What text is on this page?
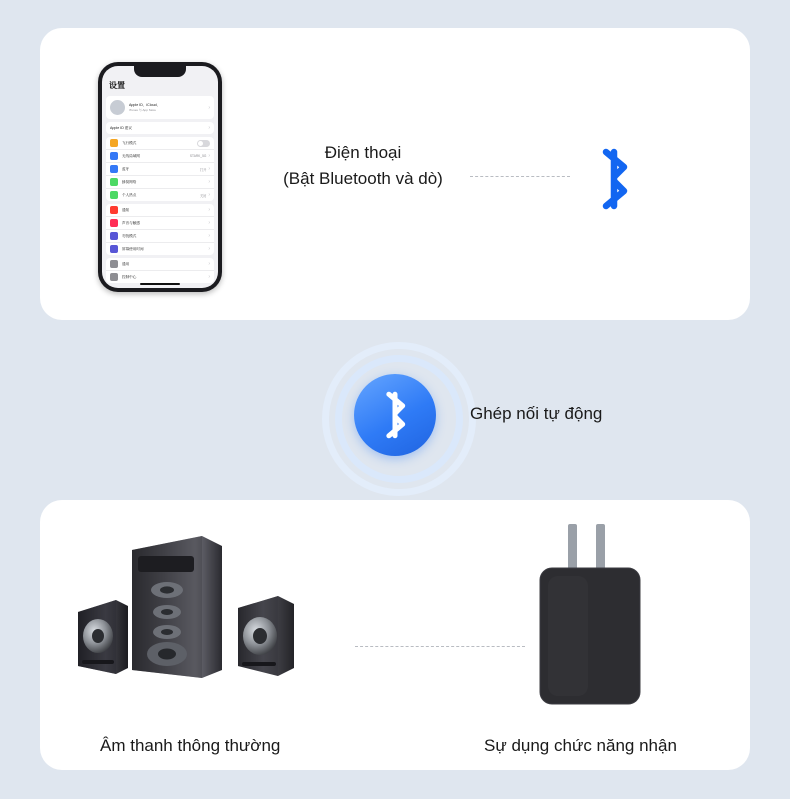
设置
Apple ID、iCloud、
iTunes 与 App Store	›
Apple ID 建议	›
飞行模式
无线局域网	STARK_5G ›
蓝牙	打开 ›
蜂窝网络	›
个人热点	关闭 ›
通知	›
声音与触感	›
勿扰模式	›
屏幕使用时间	›
通用	›
控制中心	›
Điện thoại
(Bật Bluetooth và dò)
Ghép nối tự động
Âm thanh thông thường	Sự dụng chức năng nhận
